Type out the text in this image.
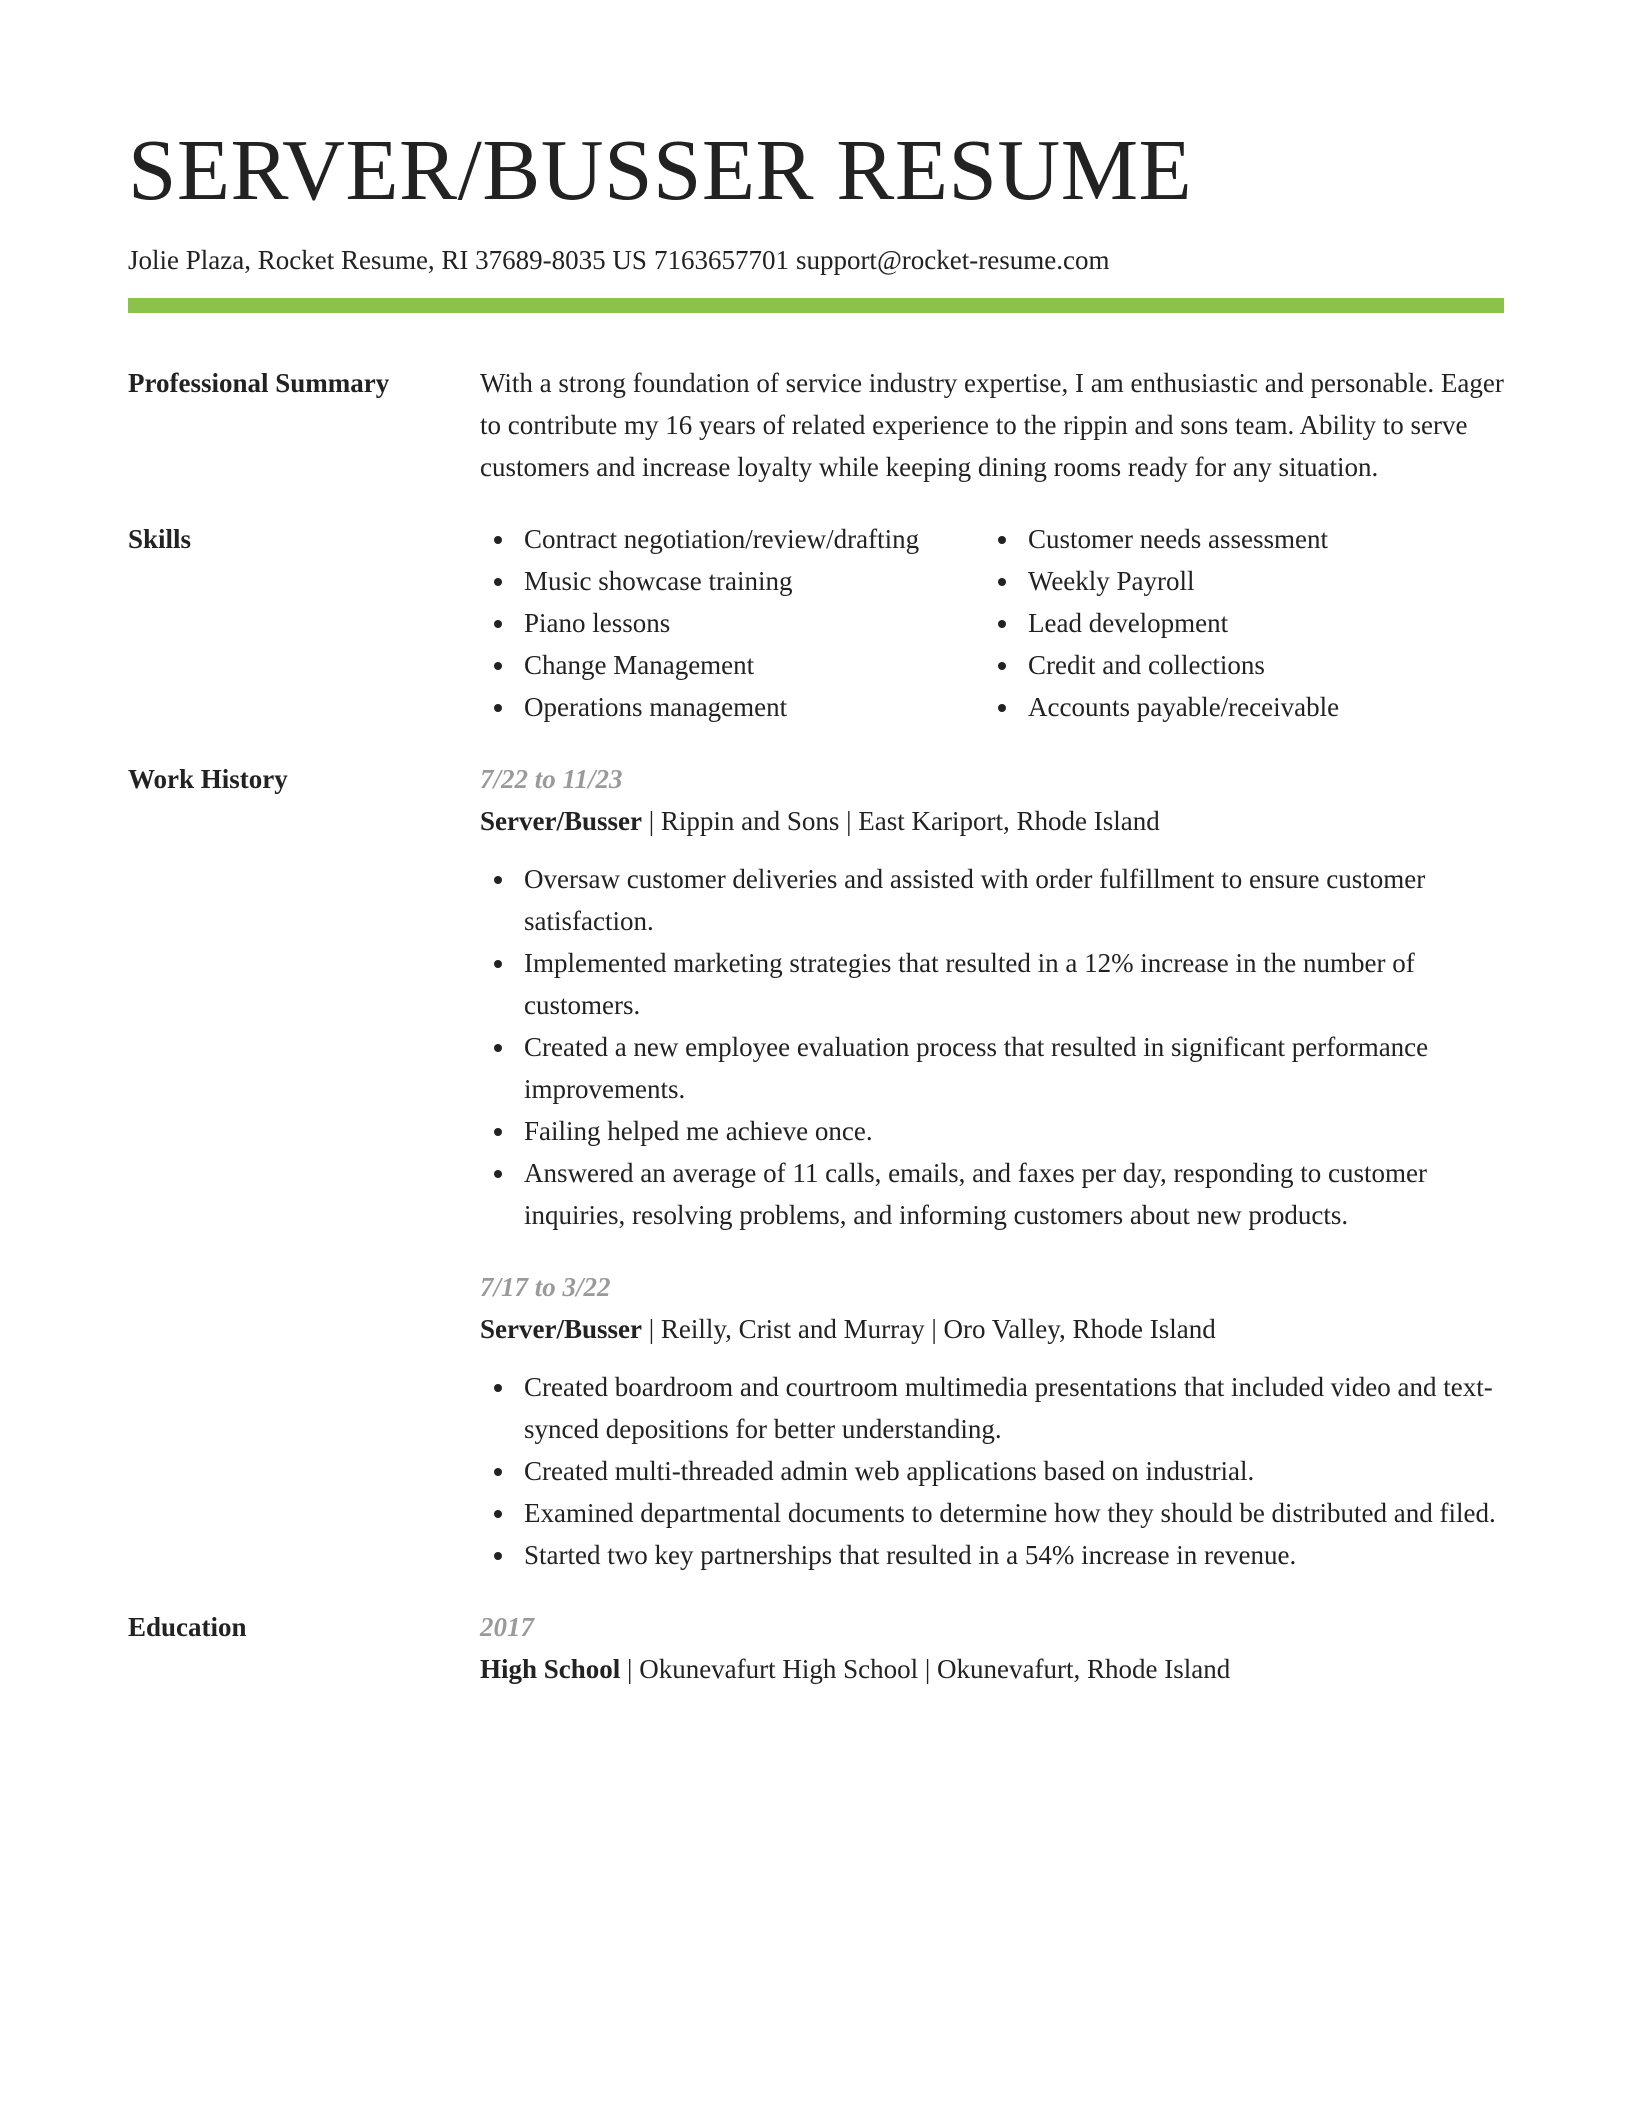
SERVER/BUSSER RESUME
Jolie Plaza, Rocket Resume, RI 37689-8035 US 7163657701 support@rocket-resume.com
Professional Summary	With a strong foundation of service industry expertise, I am enthusiastic and personable. Eager to contribute my 16 years of related experience to the rippin and sons team. Ability to serve customers and increase loyalty while keeping dining rooms ready for any situation.
Skills	Contract negotiation/review/drafting
Music showcase training
Piano lessons
Change Management
Operations management
Customer needs assessment
Weekly Payroll
Lead development
Credit and collections
Accounts payable/receivable
Work History	7/22 to 11/23
Server/Busser | Rippin and Sons | East Kariport, Rhode Island
Oversaw customer deliveries and assisted with order fulfillment to ensure customer satisfaction.
Implemented marketing strategies that resulted in a 12% increase in the number of customers.
Created a new employee evaluation process that resulted in significant performance improvements.
Failing helped me achieve once.
Answered an average of 11 calls, emails, and faxes per day, responding to customer inquiries, resolving problems, and informing customers about new products.
7/17 to 3/22
Server/Busser | Reilly, Crist and Murray | Oro Valley, Rhode Island
Created boardroom and courtroom multimedia presentations that included video and text-synced depositions for better understanding.
Created multi-threaded admin web applications based on industrial.
Examined departmental documents to determine how they should be distributed and filed.
Started two key partnerships that resulted in a 54% increase in revenue.
Education	2017
High School | Okunevafurt High School | Okunevafurt, Rhode Island
